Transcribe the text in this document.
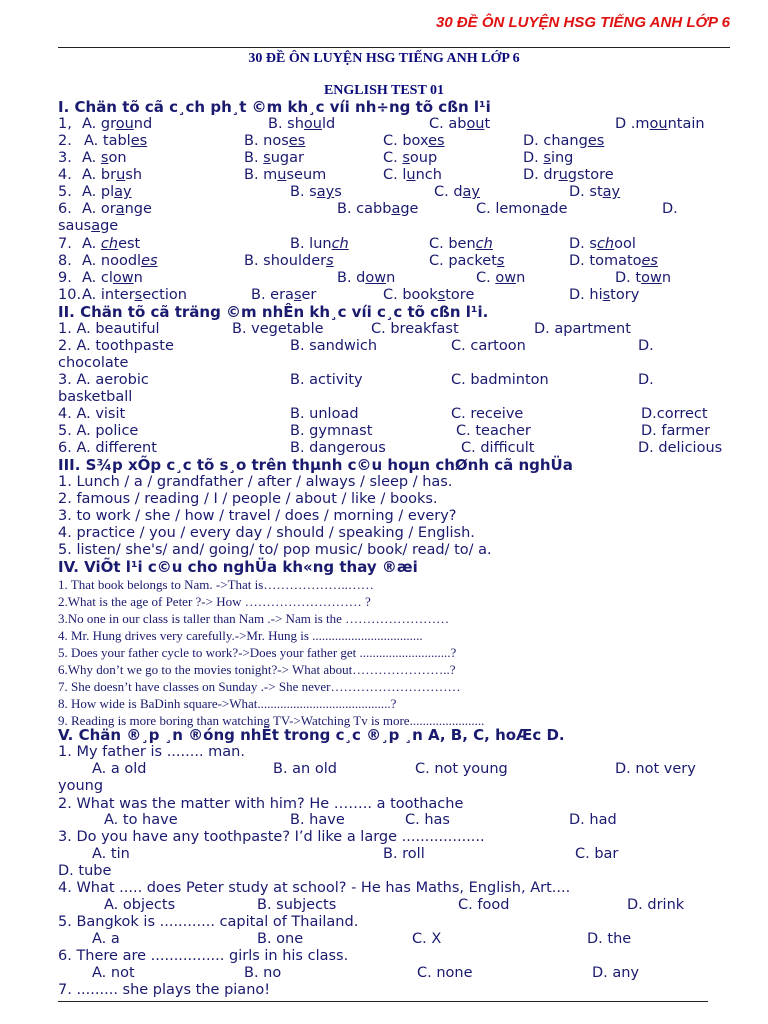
30 ĐỀ ÔN LUYỆN HSG TIẾNG ANH LỚP 6
30 ĐỀ ÔN LUYỆN HSG TIẾNG ANH LỚP 6
ENGLISH TEST 01
I. Chän tõ cã c¸ch ph¸t ©m kh¸c víi nh÷ng tõ cßn l¹i
1, A. ground	B. should	C. about	D .mountain
2. A. tables	B. noses	C. boxes	D. changes
3. A. son	B. sugar	C. soup	D. sing
4. A. brush	B. museum	C. lunch	D. drugstore
5. A. play	B. says	C. day	D. stay
6. A. orange	B. cabbage	C. lemonade	D.
sausage
7. A. chest	B. lunch	C. bench	D. school
8. A. noodles	B. shoulders	C. packets	D. tomatoes
9. A. clown	B. down	C. own	D. town
10. A. intersection	B. eraser	C. bookstore	D. history
II. Chän tõ cã träng ©m nhÊn kh¸c víi c¸c tõ cßn l¹i.
1. A. beautiful	B. vegetable	C. breakfast	D. apartment
2. A. toothpaste	B. sandwich	C. cartoon	D.
chocolate
3. A. aerobic	B. activity	C. badminton	D.
basketball
4. A. visit	B. unload	C. receive	D.correct
5. A. police	B. gymnast	C. teacher	D. farmer
6. A. different	B. dangerous	C. difficult	D. delicious
III. S¾p xÕp c¸c tõ s¸o trên thµnh c©u hoµn chØnh cã nghÜa
1. Lunch / a / grandfather / after / always / sleep / has.
2. famous / reading / I / people / about / like / books.
3. to work / she / how / travel / does / morning / every?
4. practice / you / every day / should / speaking / English.
5. listen/ she's/ and/ going/ to/ pop music/ book/ read/ to/ a.
IV. ViÕt l¹i c©u cho nghÜa kh«ng thay ®æi
1. That book belongs to Nam. ->That is………………..……
2.What is the age of Peter ?-> How ……………………… ?
3.No one in our class is taller than Nam .-> Nam is the ……………………
4. Mr. Hung drives very carefully.->Mr. Hung is ..................................
5. Does your father cycle to work?->Does your father get ............................?
6.Why don’t we go to the movies tonight?-> What about…………………..?
7. She doesn’t have classes on Sunday .-> She never…………………………
8. How wide is BaDinh square->What.........................................?
9. Reading is more boring than watching TV->Watching Tv is more.......................
V. Chän ®¸p ¸n ®óng nhÊt trong c¸c ®¸p ¸n A, B, C, hoÆc D.
1. My father is ........ man.
A. a old	B. an old	C. not young	D. not very
young
2. What was the matter with him? He …….. a toothache
A. to have	B. have	C. has	D. had
3. Do you have any toothpaste? I’d like a large ..................
A. tin	B. roll	C. bar
D. tube
4. What ..... does Peter study at school? - He has Maths, English, Art....
A. objects	B. subjects	C. food	D. drink
5. Bangkok is ............ capital of Thailand.
A. a	B. one	C. X	D. the
6. There are ................ girls in his class.
A. not	B. no	C. none	D. any
7. ......... she plays the piano!
